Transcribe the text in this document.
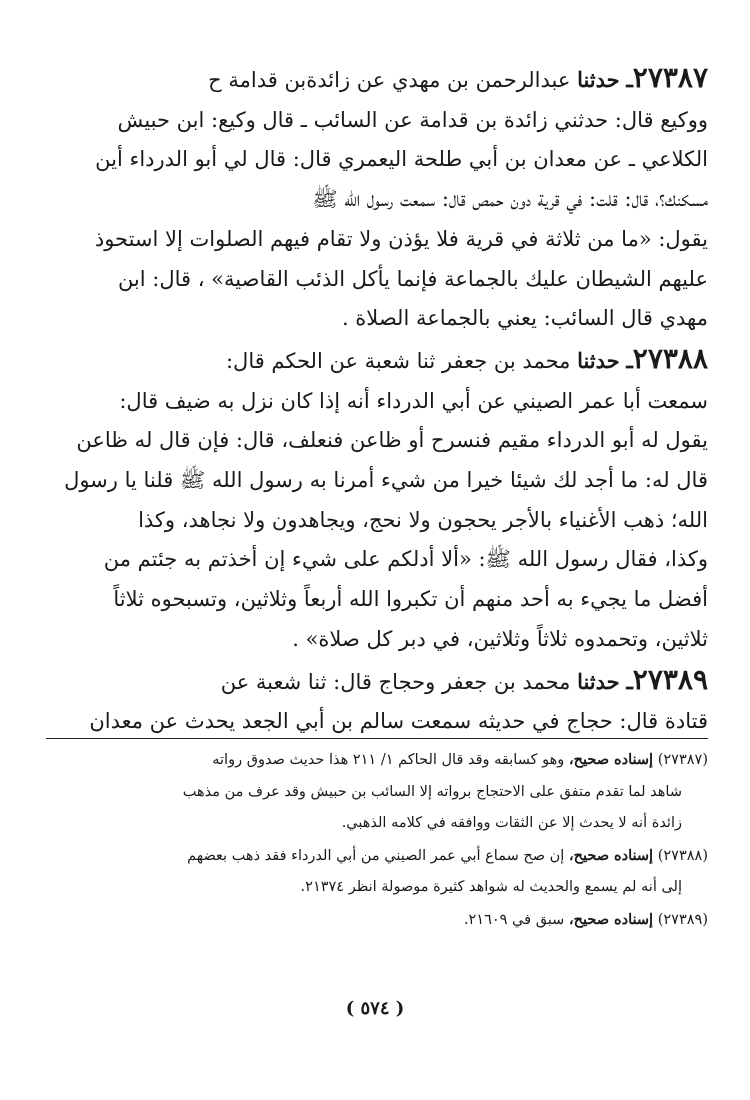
٢٧٣٨٧ـ حدثنا عبدالرحمن بن مهدي عن زائدةبن قدامة ح
ووكيع قال: حدثني زائدة بن قدامة عن السائب ـ قال وكيع: ابن حبيش
الكلاعي ـ عن معدان بن أبي طلحة اليعمري قال: قال لي أبو الدرداء أين
مسكنك؟، قال: قلت: في قرية دون حمص قال: سمعت رسول الله ﷺ
يقول: «ما من ثلاثة في قرية فلا يؤذن ولا تقام فيهم الصلوات إلا استحوذ
عليهم الشيطان عليك بالجماعة فإنما يأكل الذئب القاصية» ، قال: ابن
مهدي قال السائب: يعني بالجماعة الصلاة .
٢٧٣٨٨ـ حدثنا محمد بن جعفر ثنا شعبة عن الحكم قال:
سمعت أبا عمر الصيني عن أبي الدرداء أنه إذا كان نزل به ضيف قال:
يقول له أبو الدرداء مقيم فنسرح أو ظاعن فنعلف، قال: فإن قال له ظاعن
قال له: ما أجد لك شيئا خيرا من شيء أمرنا به رسول الله ﷺ قلنا يا رسول
الله؛ ذهب الأغنياء بالأجر يحجون ولا نحج، ويجاهدون ولا نجاهد، وكذا
وكذا، فقال رسول الله ﷺ: «ألا أدلكم على شيء إن أخذتم به جئتم من
أفضل ما يجيء به أحد منهم أن تكبروا الله أربعاً وثلاثين، وتسبحوه ثلاثاً
ثلاثين، وتحمدوه ثلاثاً وثلاثين، في دبر كل صلاة» .
٢٧٣٨٩ـ حدثنا محمد بن جعفر وحجاج قال: ثنا شعبة عن
قتادة قال: حجاج في حديثه سمعت سالم بن أبي الجعد يحدث عن معدان
(٢٧٣٨٧) إسناده صحيح، وهو كسابقه وقد قال الحاكم ١/ ٢١١ هذا حديث صدوق رواته
شاهد لما تقدم متفق على الاحتجاج برواته إلا السائب بن حبيش وقد عرف من مذهب
زائدة أنه لا يحدث إلا عن الثقات ووافقه في كلامه الذهبي.
(٢٧٣٨٨) إسناده صحيح، إن صح سماع أبي عمر الصيني من أبي الدرداء فقد ذهب بعضهم
إلى أنه لم يسمع والحديث له شواهد كثيرة موصولة انظر ٢١٣٧٤.
(٢٧٣٨٩) إسناده صحيح، سبق في ٢١٦٠٩.
( ٥٧٤ )
